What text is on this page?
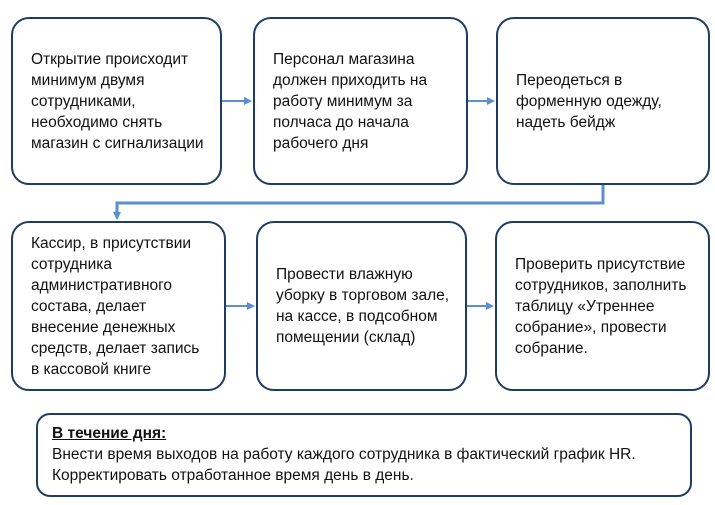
Открытие происходит минимум двумя сотрудниками, необходимо снять магазин с сигнализации
Персонал магазина должен приходить на работу минимум за полчаса до начала рабочего дня
Переодеться в форменную одежду, надеть бейдж
Кассир, в присутствии сотрудника административного состава, делает внесение денежных средств, делает запись в кассовой книге
Провести влажную уборку в торговом зале, на кассе, в подсобном помещении (склад)
Проверить присутствие сотрудников, заполнить таблицу «Утреннее собрание», провести собрание.
В течение дня:
Внести время выходов на работу каждого сотрудника в фактический график HR.
Корректировать отработанное время день в день.
